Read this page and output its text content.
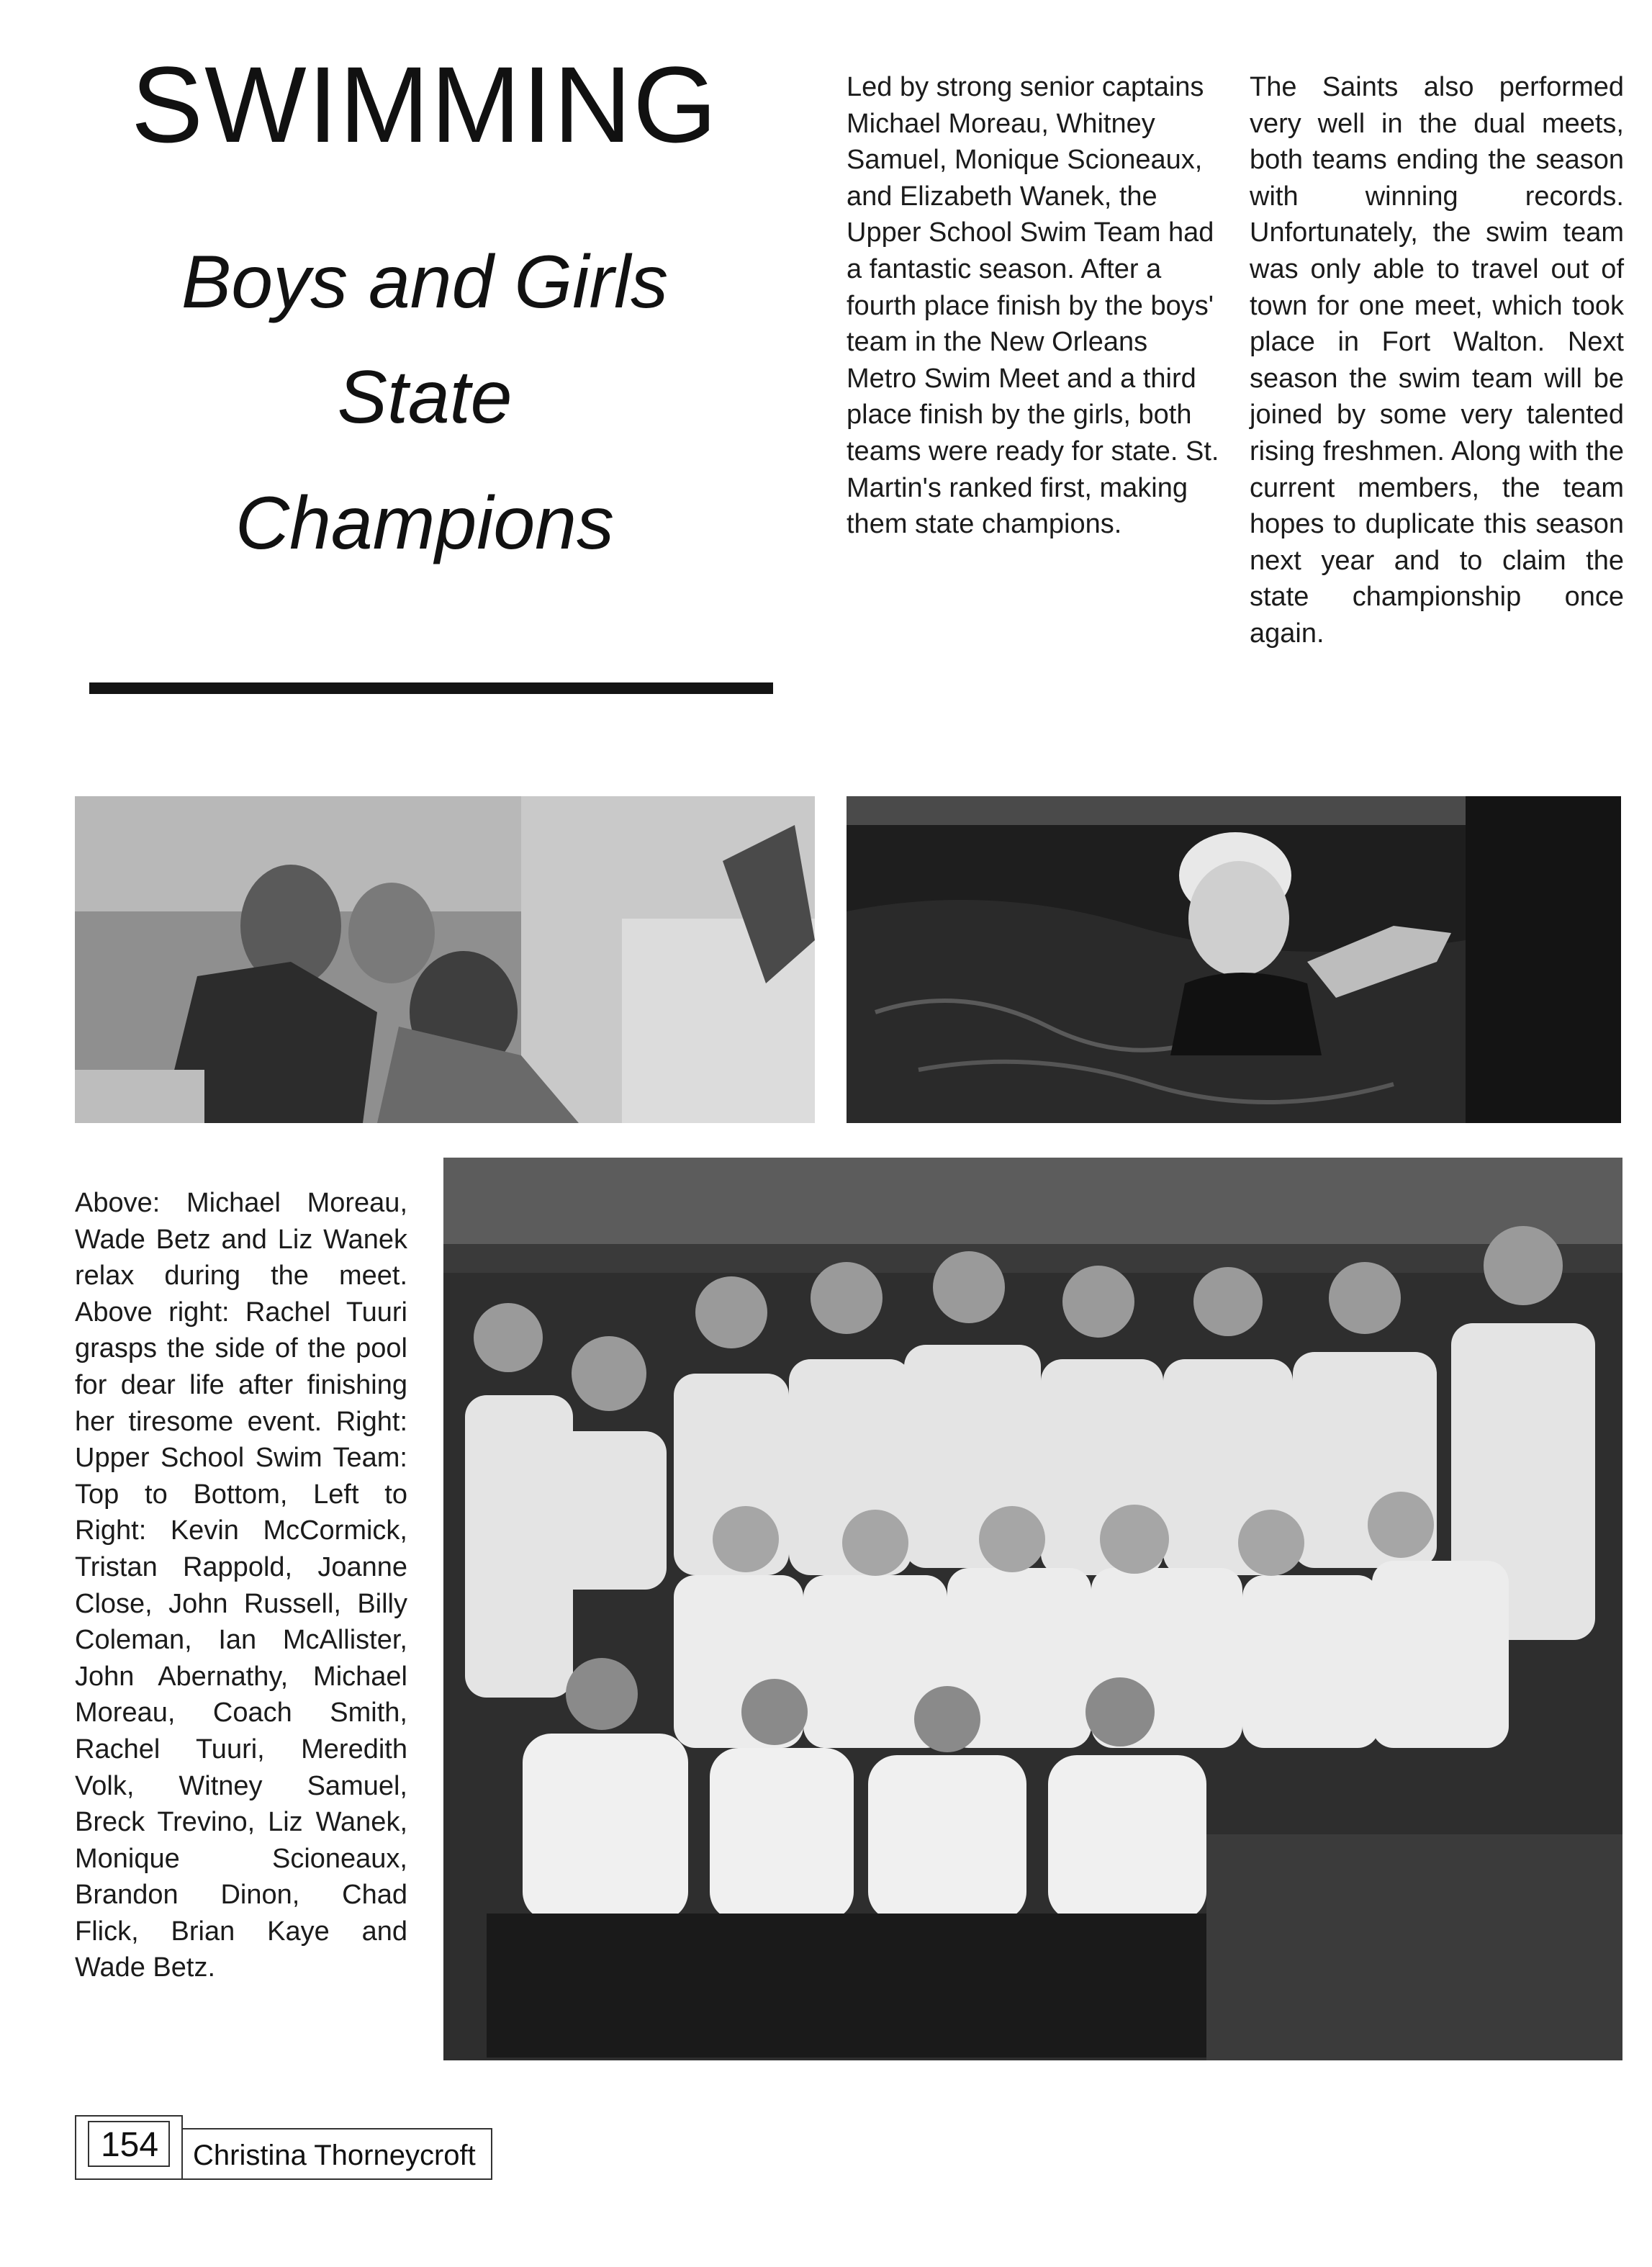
SWIMMING
Boys and Girls
State
Champions

Led by strong senior captains Michael Moreau, Whitney Samuel, Monique Scioneaux, and Elizabeth Wanek, the Upper School Swim Team had a fantastic season. After a fourth place finish by the boys' team in the New Orleans Metro Swim Meet and a third place finish by the girls, both teams were ready for state. St. Martin's ranked first, making them state champions.

The Saints also performed very well in the dual meets, both teams ending the season with winning records. Unfortunately, the swim team was only able to travel out of town for one meet, which took place in Fort Walton. Next season the swim team will be joined by some very talented rising freshmen. Along with the current members, the team hopes to duplicate this season next year and to claim the state championship once again.

Above: Michael Moreau, Wade Betz and Liz Wanek relax during the meet. Above right: Rachel Tuuri grasps the side of the pool for dear life after finishing her tiresome event. Right: Upper School Swim Team: Top to Bottom, Left to Right: Kevin McCormick, Tristan Rappold, Joanne Close, John Russell, Billy Coleman, Ian McAllister, John Abernathy, Michael Moreau, Coach Smith, Rachel Tuuri, Meredith Volk, Witney Samuel, Breck Trevino, Liz Wanek, Monique Scioneaux, Brandon Dinon, Chad Flick, Brian Kaye and Wade Betz.

154 Christina Thorneycroft
